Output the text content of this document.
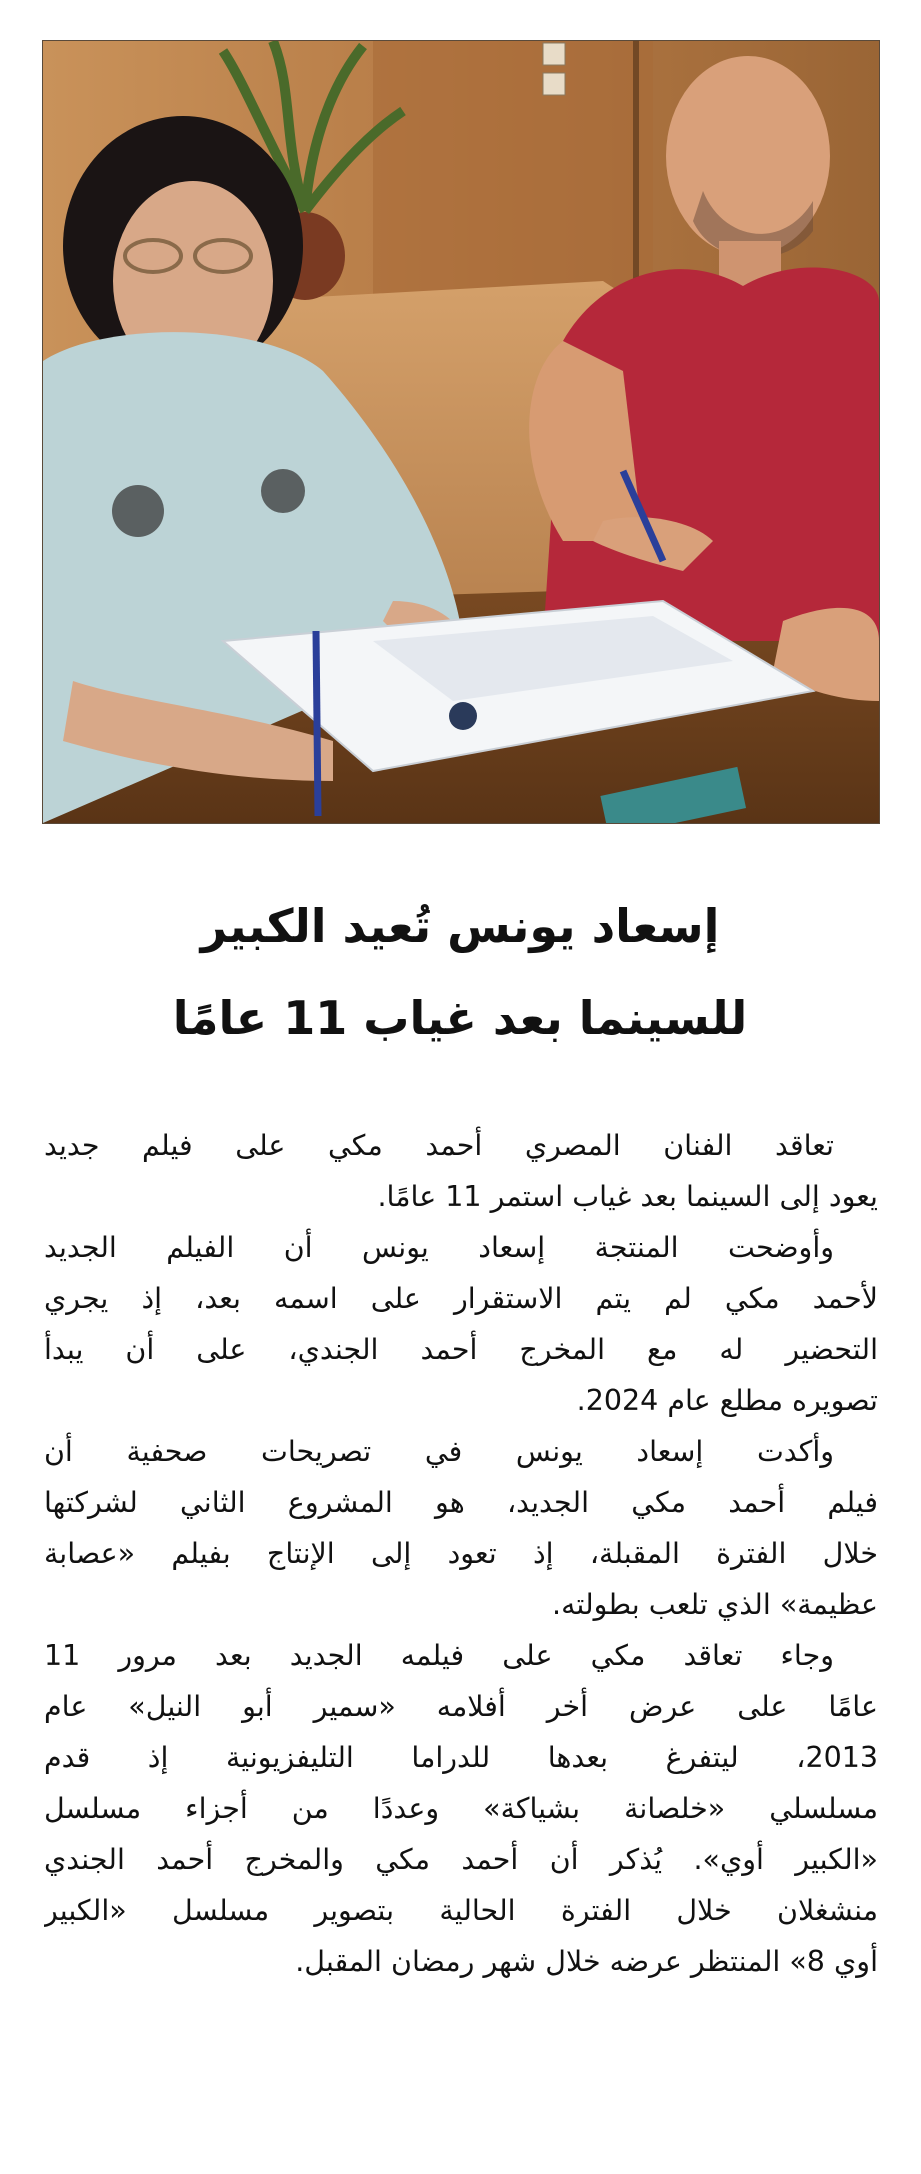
إسعاد يونس تُعيد الكبير
للسينما بعد غياب 11 عامًا
تعاقد الفنان المصري أحمد مكي على فيلم جديد
يعود إلى السينما بعد غياب استمر 11 عامًا.
وأوضحت المنتجة إسعاد يونس أن الفيلم الجديد
لأحمد مكي لم يتم الاستقرار على اسمه بعد، إذ يجري
التحضير له مع المخرج أحمد الجندي، على أن يبدأ
تصويره مطلع عام 2024.
وأكدت إسعاد يونس في تصريحات صحفية أن
فيلم أحمد مكي الجديد، هو المشروع الثاني لشركتها
خلال الفترة المقبلة، إذ تعود إلى الإنتاج بفيلم «عصابة
عظيمة» الذي تلعب بطولته.
وجاء تعاقد مكي على فيلمه الجديد بعد مرور 11
عامًا على عرض أخر أفلامه «سمير أبو النيل» عام
2013، ليتفرغ بعدها للدراما التليفزيونية إذ قدم
مسلسلي «خلصانة بشياكة» وعددًا من أجزاء مسلسل
«الكبير أوي». يُذكر أن أحمد مكي والمخرج أحمد الجندي
منشغلان خلال الفترة الحالية بتصوير مسلسل «الكبير
أوي 8» المنتظر عرضه خلال شهر رمضان المقبل.
